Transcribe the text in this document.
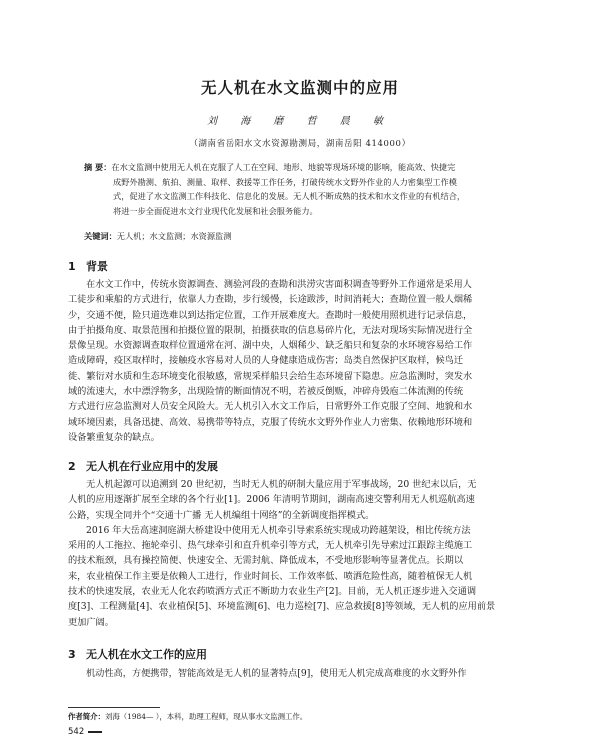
无人机在水文监测中的应用
刘 海 磨 哲 晨 敏
（湖南省岳阳水文水资源勘测局，湖南岳阳 414000）
摘 要：在水文监测中使用无人机在克服了人工在空间、地形、地貌等现场环境的影响，能高效、快捷完
成野外勘测、航拍、测量、取样、救援等工作任务，打破传统水文野外作业的人力密集型工作模
式，促进了水文监测工作科技化、信息化的发展。无人机不断成熟的技术和水文作业的有机结合，
将进一步全面促进水文行业现代化发展和社会服务能力。
关键词：无人机；水文监测；水资源监测
1 背景
在水文工作中，传统水资源调查、测验河段的查勘和洪涝灾害面积调查等野外工作通常是采用人
工徒步和乘船的方式进行，依靠人力查勘，步行缓慢，长途跋涉，时间消耗大；查勘位置一般人烟稀
少，交通不便，险只道选难以到达指定位置，工作开展难度大。查勘时一般使用照机进行记录信息，
由于拍摄角度、取景范围和拍摄位置的限制，拍摄获取的信息易碎片化，无法对现场实际情况进行全
景像呈现。水资源调查取样位置通常在河、湖中央，人烟稀少、缺乏船只和复杂的水环境容易给工作
造成障碍，疫区取样时，接触疫水容易对人员的人身健康造成伤害；岛类自然保护区取样，候鸟迁
徙、繁衍对水质和生态环境变化很敏感，常规采样船只会给生态环境留下隐患。应急监测时，突发水
域的流速大，水中漂浮物多，出现险情的断面情况不明，若被反倒贩，冲碎舟毁庖二体流测的传统
方式进行应急监测对人员安全风险大。无人机引入水文工作后，日常野外工作克服了空间、地貌和水
域环境因素，具备迅捷、高效、易携带等特点，克服了传统水文野外作业人力密集、依赖地形环境和
设备繁重复杂的缺点。
2 无人机在行业应用中的发展
无人机起源可以追溯到 20 世纪初，当时无人机的研制大量应用于军事战场，20 世纪末以后，无
人机的应用逐渐扩展至全球的各个行业[1]。2006 年清明节期间，湖南高速交警利用无人机巡航高速
公路，实现全同并个“交通十广播 无人机编组十网络”的全新调度指挥模式。
2016 年大岳高速洞庭湖大桥建设中使用无人机牵引导索系统实现成功跨越架设，相比传统方法
采用的人工拖拉、拖轮牵引、热气球牵引和直升机牵引等方式，无人机牵引先导索过江跟踪主缆施工
的技术瓶颈，具有操控简便、快速安全、无需封航、降低成本，不受地形影响等显著优点。长期以
来，农业植保工作主要是依赖人工进行，作业时间长、工作效率低、喷洒危险性高，随着植保无人机
技术的快速发展，农业无人化农药喷洒方式正不断助力农业生产[2]。目前，无人机正逐步进入交通调
度[3]、工程测量[4]、农业植保[5]、环境监测[6]、电力巡检[7]、应急救援[8]等领域，无人机的应用前景
更加广阔。
3 无人机在水文工作的应用
机动性高，方便携带，智能高效是无人机的显著特点[9]，使用无人机完成高难度的水文野外作
作者简介：刘海（1984— ），本科，助理工程师，现从事水文监测工作。
542
